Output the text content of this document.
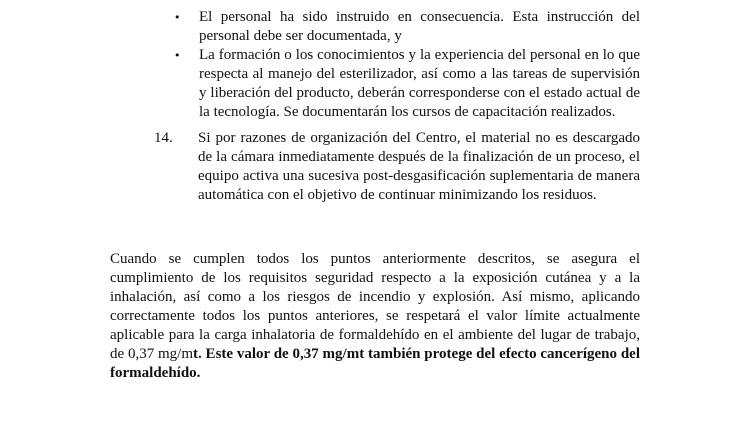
• El personal ha sido instruido en consecuencia. Esta instrucción del personal debe ser documentada, y
• La formación o los conocimientos y la experiencia del personal en lo que respecta al manejo del esterilizador, así como a las tareas de supervisión y liberación del producto, deberán corresponderse con el estado actual de la tecnología. Se documentarán los cursos de capacitación realizados.
14.	Si por razones de organización del Centro, el material no es descargado de la cámara inmediatamente después de la finalización de un proceso, el equipo activa una sucesiva post-desgasificación suplementaria de manera automática con el objetivo de continuar minimizando los residuos.

Cuando se cumplen todos los puntos anteriormente descritos, se asegura el cumplimiento de los requisitos seguridad respecto a la exposición cutánea y a la inhalación, así como a los riesgos de incendio y explosión. Así mismo, aplicando correctamente todos los puntos anteriores, se respetará el valor límite actualmente aplicable para la carga inhalatoria de formaldehído en el ambiente del lugar de trabajo, de 0,37 mg/mt. Este valor de 0,37 mg/mt también protege del efecto cancerígeno del formaldehído.
